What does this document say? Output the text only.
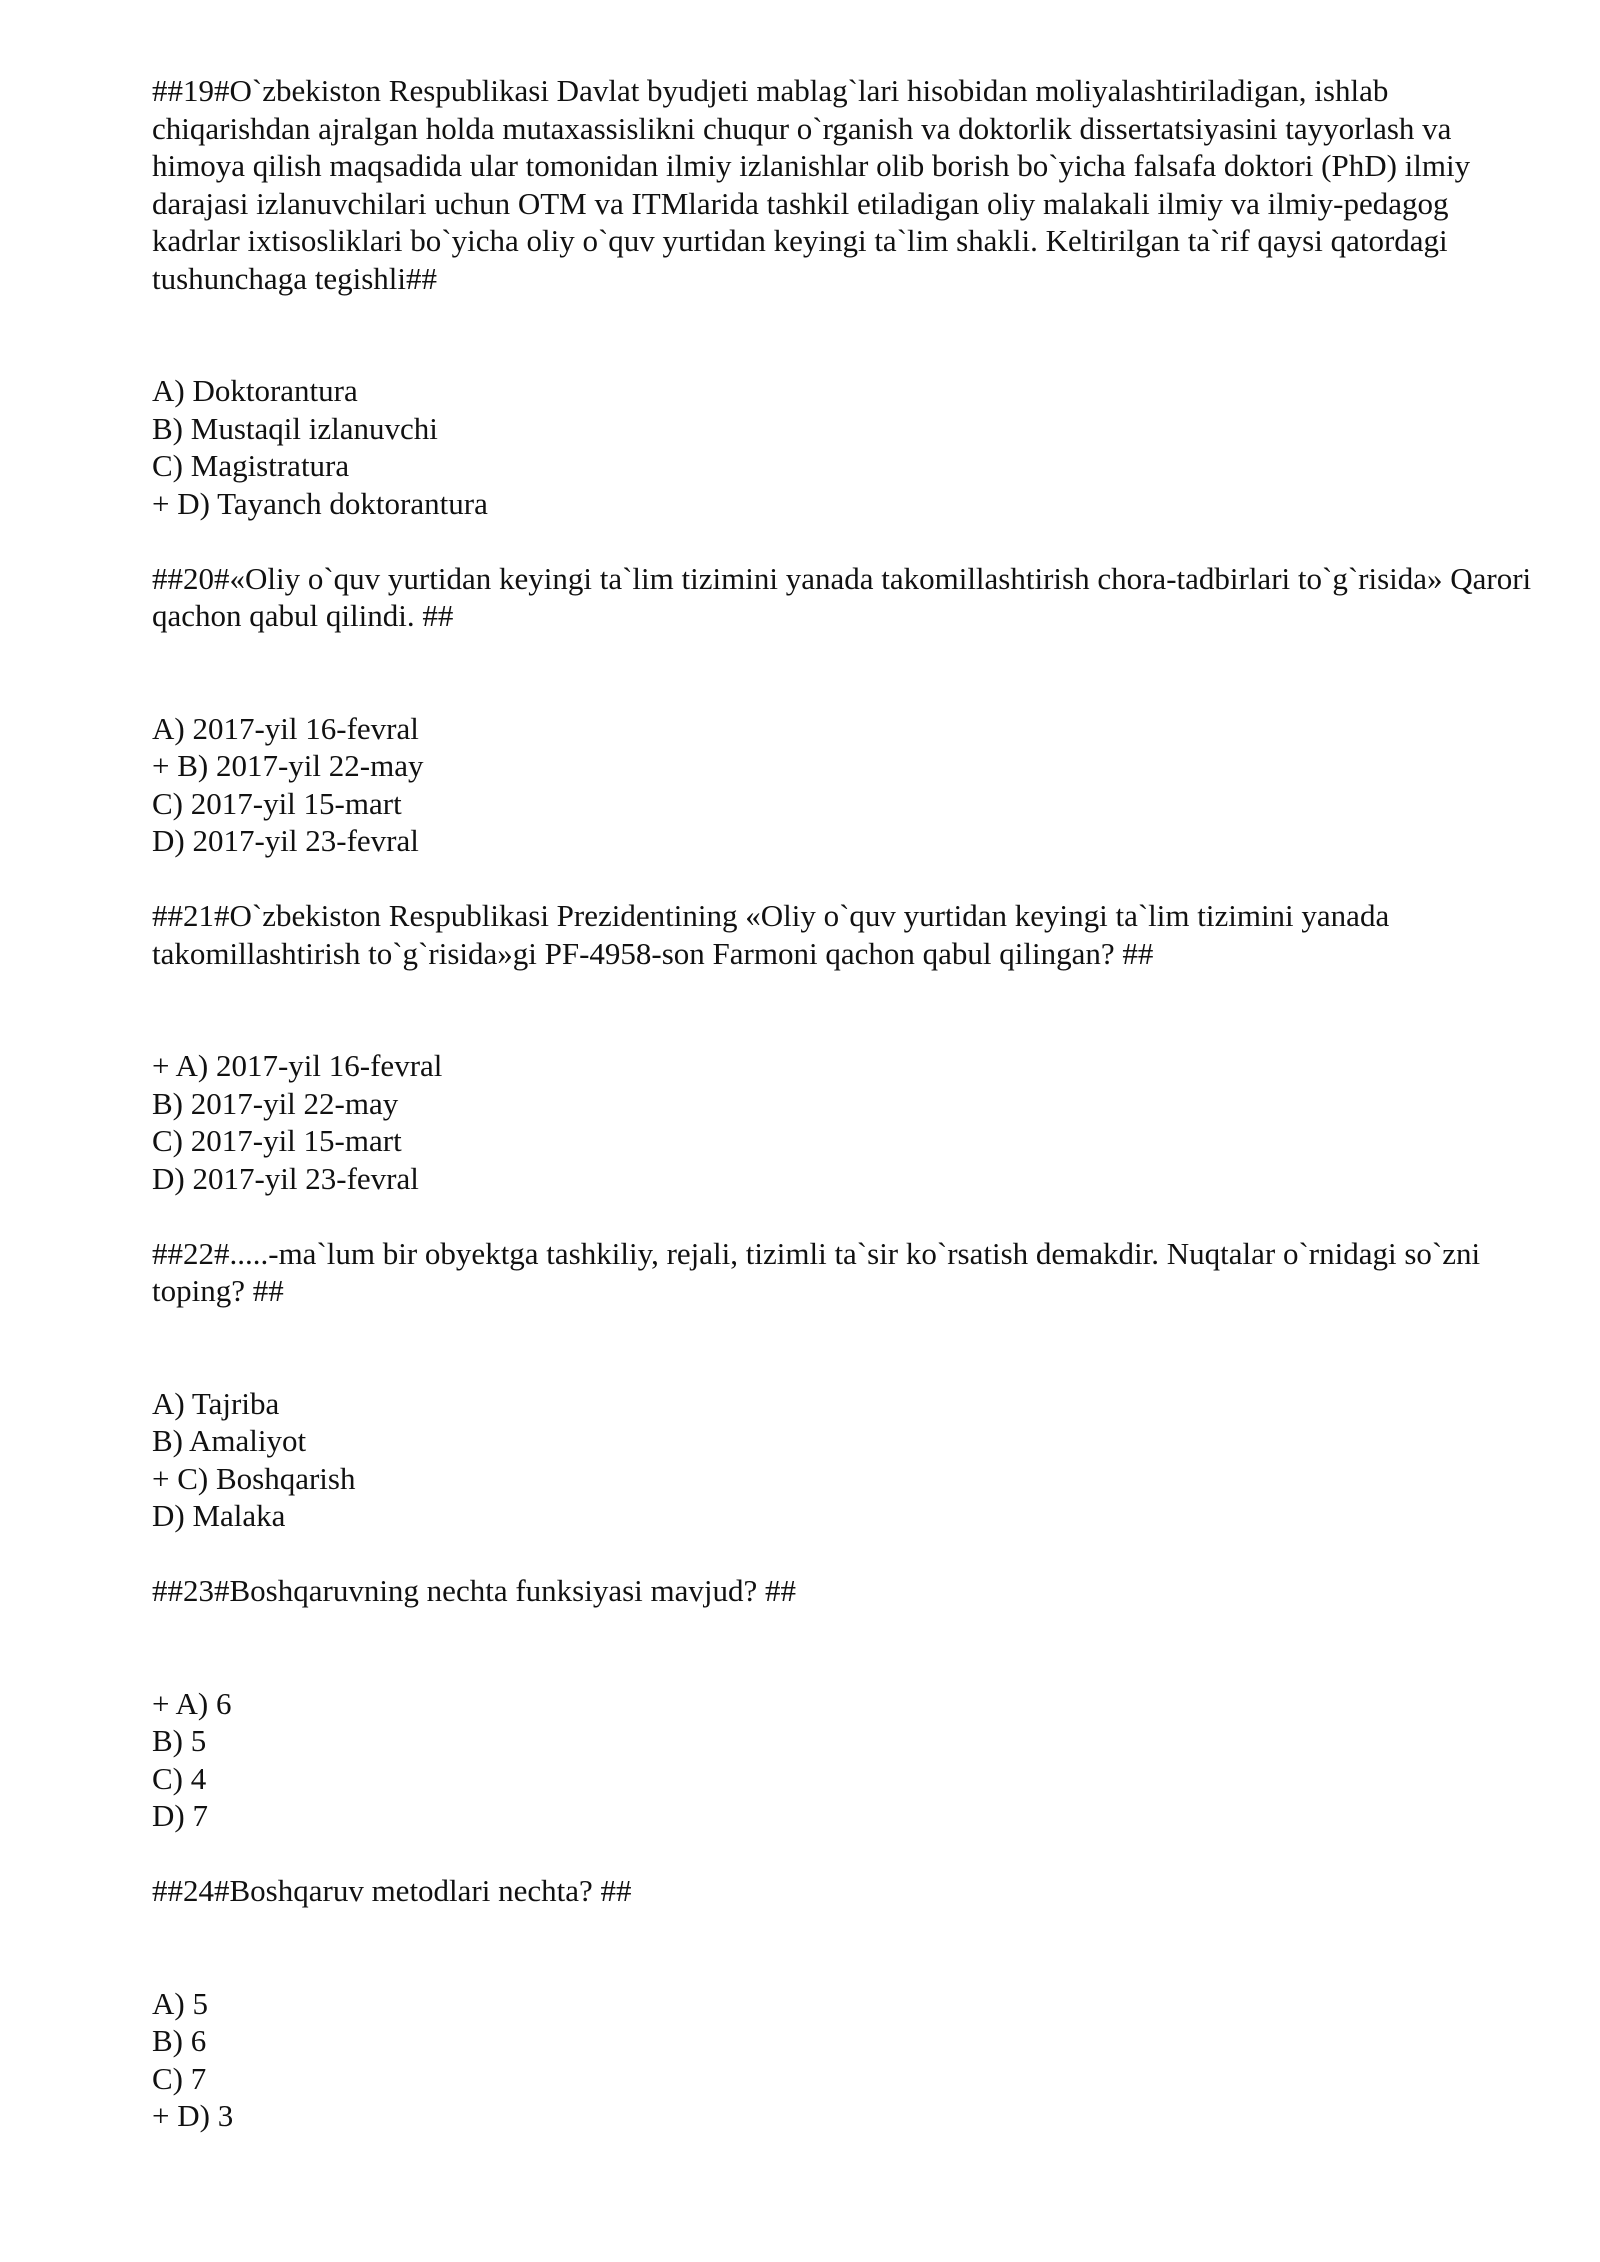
##19#O`zbekiston Respublikasi Davlat byudjeti mablag`lari hisobidan moliyalashtiriladigan, ishlab chiqarishdan ajralgan holda mutaxassislikni chuqur o`rganish va doktorlik dissertatsiyasini tayyorlash va himoya qilish maqsadida ular tomonidan ilmiy izlanishlar olib borish bo`yicha falsafa doktori (PhD) ilmiy darajasi izlanuvchilari uchun OTM va ITMlarida tashkil etiladigan oliy malakali ilmiy va ilmiy-pedagog kadrlar ixtisosliklari bo`yicha oliy o`quv yurtidan keyingi ta`lim shakli. Keltirilgan ta`rif qaysi qatordagi tushunchaga tegishli##

A) Doktorantura
B) Mustaqil izlanuvchi
C) Magistratura
+ D) Tayanch doktorantura

##20#«Oliy o`quv yurtidan keyingi ta`lim tizimini yanada takomillashtirish chora-tadbirlari to`g`risida» Qarori qachon qabul qilindi. ##

A) 2017-yil 16-fevral
+ B) 2017-yil 22-may
C) 2017-yil 15-mart
D) 2017-yil 23-fevral

##21#O`zbekiston Respublikasi Prezidentining «Oliy o`quv yurtidan keyingi ta`lim tizimini yanada takomillashtirish to`g`risida»gi PF-4958-son Farmoni qachon qabul qilingan? ##

+ A) 2017-yil 16-fevral
B) 2017-yil 22-may
C) 2017-yil 15-mart
D) 2017-yil 23-fevral

##22#.....-ma`lum bir obyektga tashkiliy, rejali, tizimli ta`sir ko`rsatish demakdir. Nuqtalar o`rnidagi so`zni toping? ##

A) Tajriba
B) Amaliyot
+ C) Boshqarish
D) Malaka

##23#Boshqaruvning nechta funksiyasi mavjud? ##

+ A) 6
B) 5
C) 4
D) 7

##24#Boshqaruv metodlari nechta? ##

A) 5
B) 6
C) 7
+ D) 3
